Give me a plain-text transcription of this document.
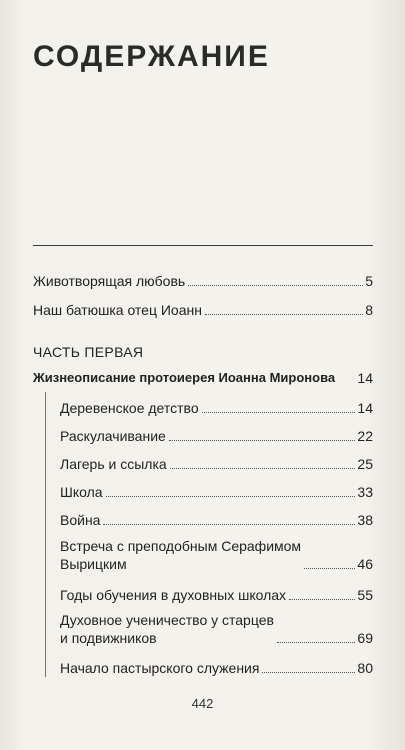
СОДЕРЖАНИЕ
Животворящая любовь	5
Наш батюшка отец Иоанн	8
ЧАСТЬ ПЕРВАЯ
Жизнеописание протоиерея Иоанна Миронова 14
Деревенское детство	14
Раскулачивание	22
Лагерь и ссылка	25
Школа	33
Война	38
Встреча с преподобным Серафимом
Вырицким	46
Годы обучения в духовных школах	55
Духовное ученичество у старцев
и подвижников	69
Начало пастырского служения	80
442
